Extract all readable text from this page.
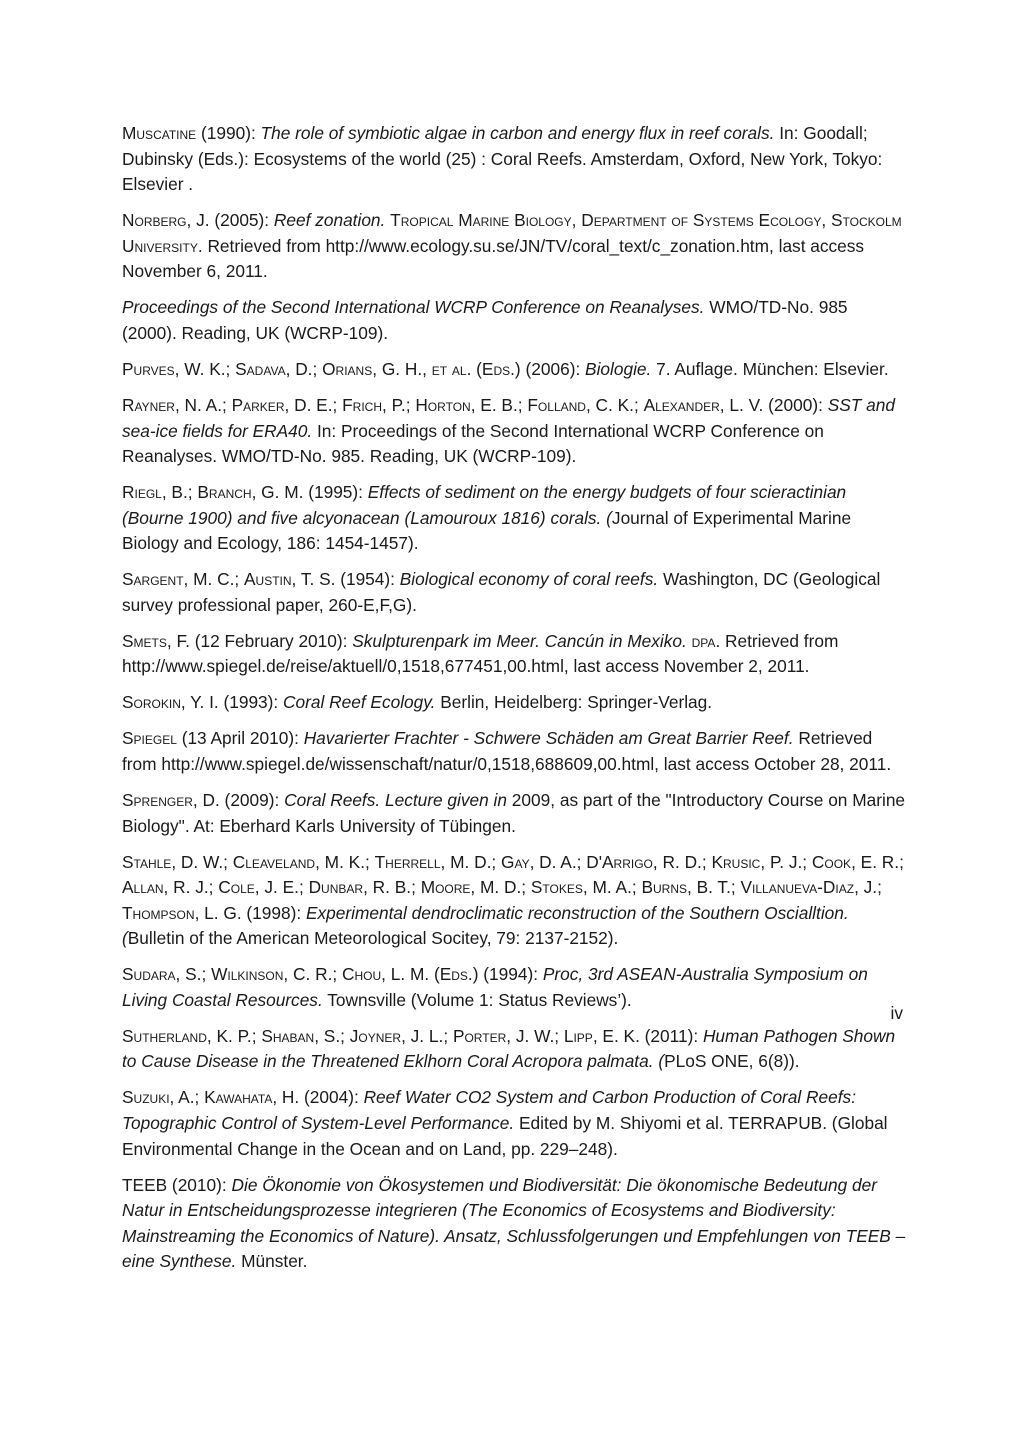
Muscatine (1990): The role of symbiotic algae in carbon and energy flux in reef corals. In: Goodall; Dubinsky (Eds.): Ecosystems of the world (25) : Coral Reefs. Amsterdam, Oxford, New York, Tokyo: Elsevier .

Norberg, J. (2005): Reef zonation. Tropical Marine Biology, Department of Systems Ecology, Stockolm University. Retrieved from http://www.ecology.su.se/JN/TV/coral_text/c_zonation.htm, last access November 6, 2011.

Proceedings of the Second International WCRP Conference on Reanalyses. WMO/TD-No. 985 (2000). Reading, UK (WCRP-109).

Purves, W. K.; Sadava, D.; Orians, G. H., et al. (Eds.) (2006): Biologie. 7. Auflage. München: Elsevier.

Rayner, N. A.; Parker, D. E.; Frich, P.; Horton, E. B.; Folland, C. K.; Alexander, L. V. (2000): SST and sea-ice fields for ERA40. In: Proceedings of the Second International WCRP Conference on Reanalyses. WMO/TD-No. 985. Reading, UK (WCRP-109).

Riegl, B.; Branch, G. M. (1995): Effects of sediment on the energy budgets of four scieractinian (Bourne 1900) and five alcyonacean (Lamouroux 1816) corals. (Journal of Experimental Marine Biology and Ecology, 186: 1454-1457).

Sargent, M. C.; Austin, T. S. (1954): Biological economy of coral reefs. Washington, DC (Geological survey professional paper, 260-E,F,G).

Smets, F. (12 February 2010): Skulpturenpark im Meer. Cancún in Mexiko. dpa. Retrieved from http://www.spiegel.de/reise/aktuell/0,1518,677451,00.html, last access November 2, 2011.

Sorokin, Y. I. (1993): Coral Reef Ecology. Berlin, Heidelberg: Springer-Verlag.

Spiegel (13 April 2010): Havarierter Frachter - Schwere Schäden am Great Barrier Reef. Retrieved from http://www.spiegel.de/wissenschaft/natur/0,1518,688609,00.html, last access October 28, 2011.

Sprenger, D. (2009): Coral Reefs. Lecture given in 2009, as part of the "Introductory Course on Marine Biology". At: Eberhard Karls University of Tübingen.

Stahle, D. W.; Cleaveland, M. K.; Therrell, M. D.; Gay, D. A.; D'Arrigo, R. D.; Krusic, P. J.; Cook, E. R.; Allan, R. J.; Cole, J. E.; Dunbar, R. B.; Moore, M. D.; Stokes, M. A.; Burns, B. T.; Villanueva-Diaz, J.; Thompson, L. G. (1998): Experimental dendroclimatic reconstruction of the Southern Oscialltion. (Bulletin of the American Meteorological Socitey, 79: 2137-2152).

Sudara, S.; Wilkinson, C. R.; Chou, L. M. (Eds.) (1994): Proc, 3rd ASEAN-Australia Symposium on Living Coastal Resources. Townsville (Volume 1: Status Reviews’).

Sutherland, K. P.; Shaban, S.; Joyner, J. L.; Porter, J. W.; Lipp, E. K. (2011): Human Pathogen Shown to Cause Disease in the Threatened Eklhorn Coral Acropora palmata. (PLoS ONE, 6(8)).

Suzuki, A.; Kawahata, H. (2004): Reef Water CO2 System and Carbon Production of Coral Reefs: Topographic Control of System-Level Performance. Edited by M. Shiyomi et al. TERRAPUB. (Global Environmental Change in the Ocean and on Land, pp. 229–248).

TEEB (2010): Die Ökonomie von Ökosystemen und Biodiversität: Die ökonomische Bedeutung der Natur in Entscheidungsprozesse integrieren (The Economics of Ecosystems and Biodiversity: Mainstreaming the Economics of Nature). Ansatz, Schlussfolgerungen und Empfehlungen von TEEB – eine Synthese. Münster.

iv
